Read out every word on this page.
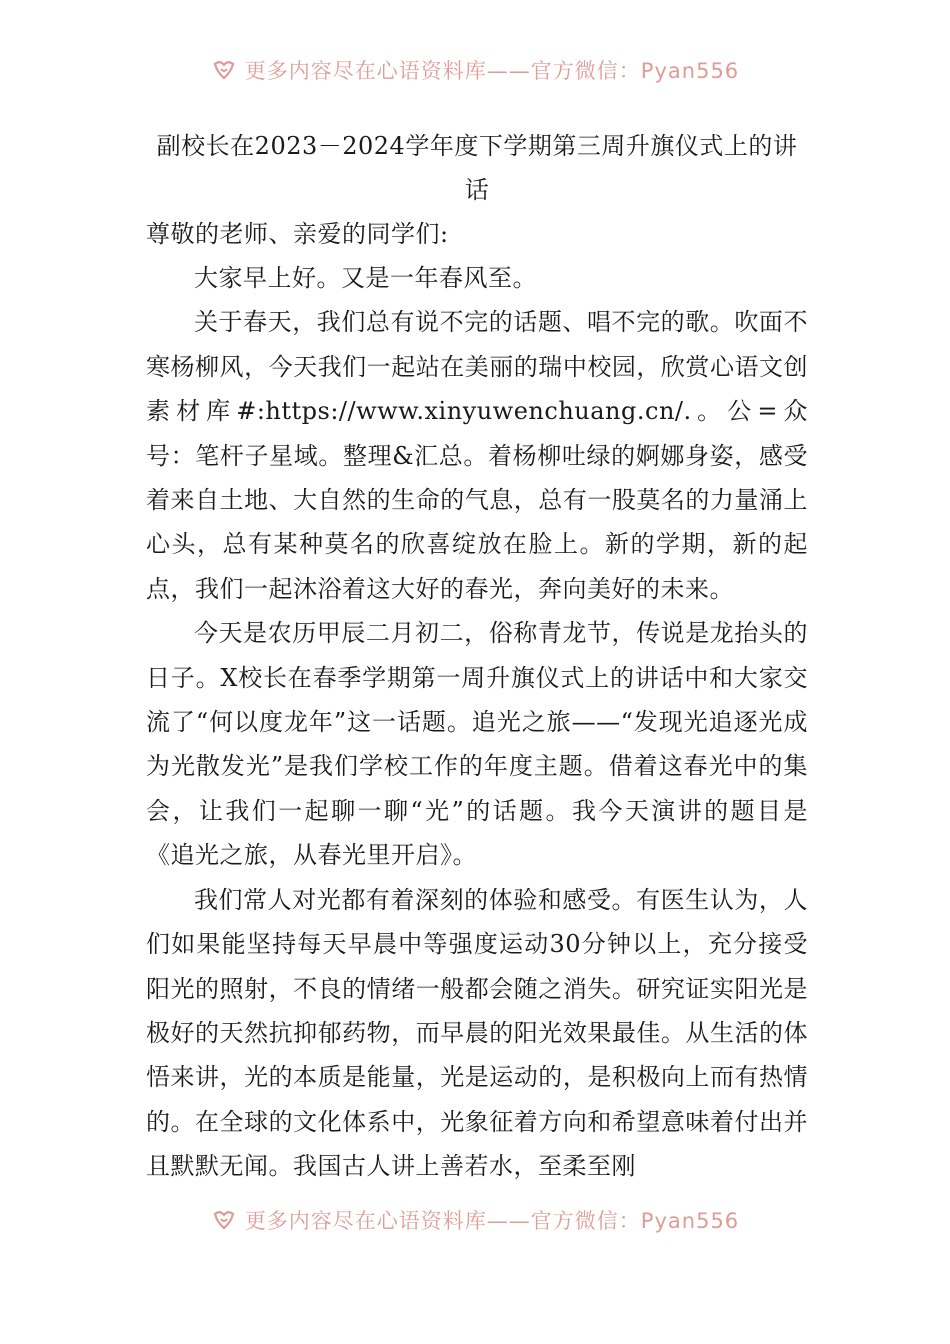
更多内容尽在心语资料库——官方微信：Pyan556
副校长在2023－2024学年度下学期第三周升旗仪式上的讲话

尊敬的老师、亲爱的同学们:

大家早上好。又是一年春风至。

关于春天，我们总有说不完的话题、唱不完的歌。吹面不寒杨柳风，今天我们一起站在美丽的瑞中校园，欣赏心语文创素材库#:https://www.xinyuwenchuang.cn/.。公=众号：笔杆子星域。整理&汇总。着杨柳吐绿的婀娜身姿，感受着来自土地、大自然的生命的气息，总有一股莫名的力量涌上心头，总有某种莫名的欣喜绽放在脸上。新的学期，新的起点，我们一起沐浴着这大好的春光，奔向美好的未来。

今天是农历甲辰二月初二，俗称青龙节，传说是龙抬头的日子。X校长在春季学期第一周升旗仪式上的讲话中和大家交流了“何以度龙年”这一话题。追光之旅——“发现光追逐光成为光散发光”是我们学校工作的年度主题。借着这春光中的集会，让我们一起聊一聊“光”的话题。我今天演讲的题目是《追光之旅，从春光里开启》。

我们常人对光都有着深刻的体验和感受。有医生认为，人们如果能坚持每天早晨中等强度运动30分钟以上，充分接受阳光的照射，不良的情绪一般都会随之消失。研究证实阳光是极好的天然抗抑郁药物，而早晨的阳光效果最佳。从生活的体悟来讲，光的本质是能量，光是运动的，是积极向上而有热情的。在全球的文化体系中，光象征着方向和希望意味着付出并且默默无闻。我国古人讲上善若水，至柔至刚

更多内容尽在心语资料库——官方微信：Pyan556
